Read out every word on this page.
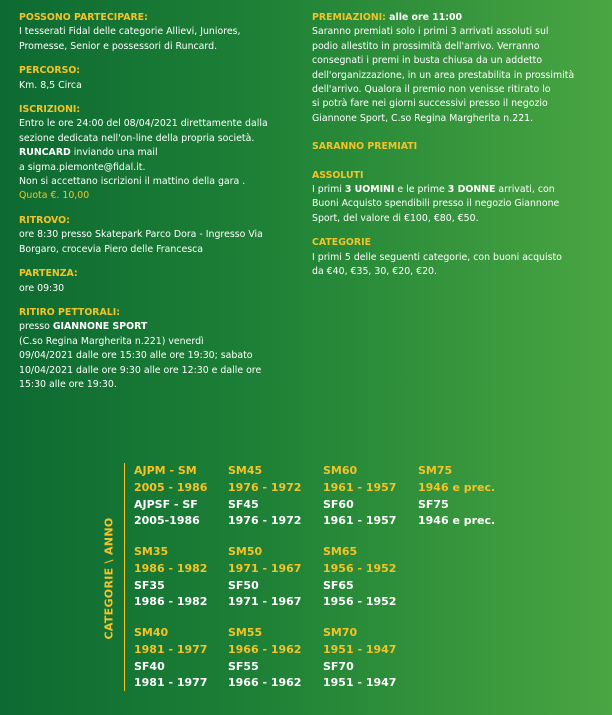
POSSONO PARTECIPARE:
I tesserati Fidal delle categorie Allievi, Juniores,
Promesse, Senior e possessori di Runcard.
PERCORSO:
Km. 8,5 Circa
ISCRIZIONI:
Entro le ore 24:00 del 08/04/2021 direttamente dalla
sezione dedicata nell'on-line della propria società.
RUNCARD inviando una mail
a sigma.piemonte@fidal.it.
Non si accettano iscrizioni il mattino della gara .
Quota €. 10,00
RITROVO:
ore 8:30 presso Skatepark Parco Dora - Ingresso Via
Borgaro, crocevia Piero delle Francesca
PARTENZA:
ore 09:30
RITIRO PETTORALI:
presso GIANNONE SPORT
(C.so Regina Margherita n.221) venerdì
09/04/2021 dalle ore 15:30 alle ore 19:30; sabato
10/04/2021 dalle ore 9:30 alle ore 12:30 e dalle ore
15:30 alle ore 19:30.
PREMIAZIONI: alle ore 11:00
Saranno premiati solo i primi 3 arrivati assoluti sul
podio allestito in prossimità dell'arrivo. Verranno
consegnati i premi in busta chiusa da un addetto
dell'organizzazione, in un area prestabilita in prossimità
dell'arrivo. Qualora il premio non venisse ritirato lo
si potrà fare nei giorni successivi presso il negozio
Giannone Sport, C.so Regina Margherita n.221.
SARANNO PREMIATI
ASSOLUTI
I primi 3 UOMINI e le prime 3 DONNE arrivati, con
Buoni Acquisto spendibili presso il negozio Giannone
Sport, del valore di €100, €80, €50.
CATEGORIE
I primi 5 delle seguenti categorie, con buoni acquisto
da €40, €35, 30, €20, €20.
CATEGORIE \ ANNO
AJPM - SM
2005 - 1986
AJPSF - SF
2005-1986
SM45
1976 - 1972
SF45
1976 - 1972
SM60
1961 - 1957
SF60
1961 - 1957
SM75
1946 e prec.
SF75
1946 e prec.
SM35
1986 - 1982
SF35
1986 - 1982
SM50
1971 - 1967
SF50
1971 - 1967
SM65
1956 - 1952
SF65
1956 - 1952
SM40
1981 - 1977
SF40
1981 - 1977
SM55
1966 - 1962
SF55
1966 - 1962
SM70
1951 - 1947
SF70
1951 - 1947
